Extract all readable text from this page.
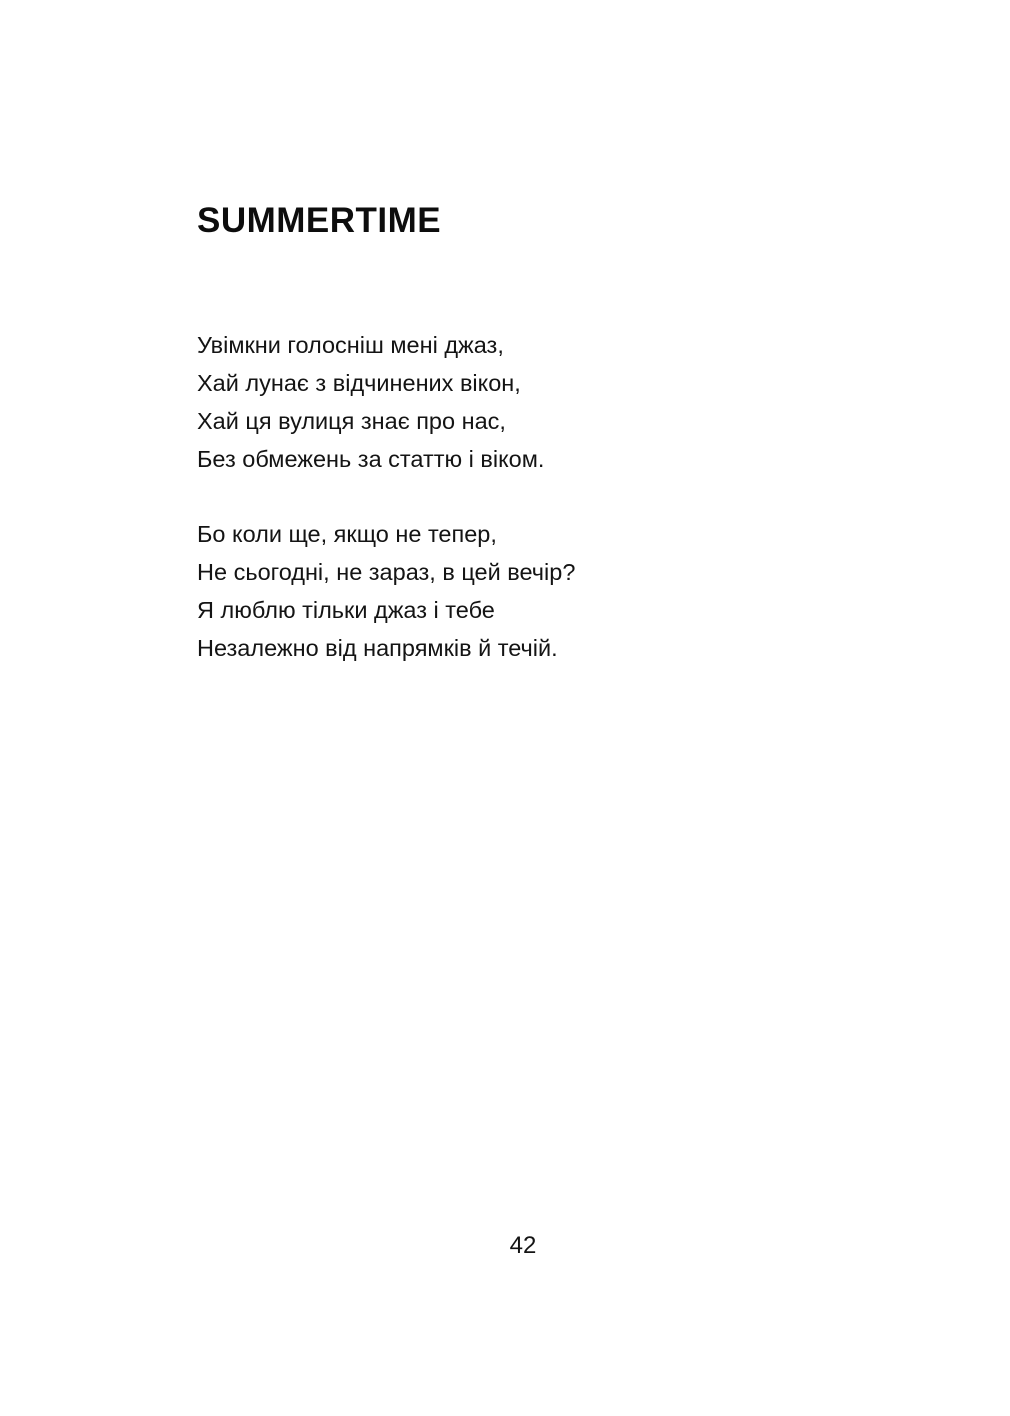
SUMMERTIME
Увімкни голосніш мені джаз,
Хай лунає з відчинених вікон,
Хай ця вулиця знає про нас,
Без обмежень за статтю і віком.
Бо коли ще, якщо не тепер,
Не сьогодні, не зараз, в цей вечір?
Я люблю тільки джаз і тебе
Незалежно від напрямків й течій.
42
